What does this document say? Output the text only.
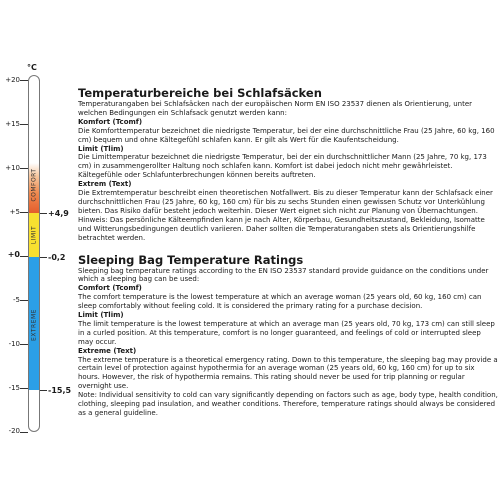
°C
COMFORT
LIMIT
EXTREME
+20
+15
+10
+5
+0
-5
-10
-15
-20
+4,9
-0,2
-15,5
Temperaturbereiche bei Schlafsäcken

Temperaturangaben bei Schlafsäcken nach der europäischen Norm EN ISO 23537 dienen als Orientierung, unter welchen Bedingungen ein Schlafsack genutzt werden kann:

Komfort (Tcomf)

Die Komforttemperatur bezeichnet die niedrigste Temperatur, bei der eine durchschnittliche Frau (25 Jahre, 60 kg, 160 cm) bequem und ohne Kältegefühl schlafen kann. Er gilt als Wert für die Kaufentscheidung.

Limit (Tlim)

Die Limittemperatur bezeichnet die niedrigste Temperatur, bei der ein durchschnittlicher Mann (25 Jahre, 70 kg, 173 cm) in zusammengerollter Haltung noch schlafen kann. Komfort ist dabei jedoch nicht mehr gewährleistet. Kältegefühle oder Schlafunterbrechungen können bereits auftreten.

Extrem (Text)

Die Extremtemperatur beschreibt einen theoretischen Notfallwert. Bis zu dieser Temperatur kann der Schlafsack einer durchschnittlichen Frau (25 Jahre, 60 kg, 160 cm) für bis zu sechs Stunden einen gewissen Schutz vor Unterkühlung bieten. Das Risiko dafür besteht jedoch weiterhin. Dieser Wert eignet sich nicht zur Planung von Übernachtungen.

Hinweis: Das persönliche Kälteempfinden kann je nach Alter, Körperbau, Gesundheitszustand, Bekleidung, Isomatte und Witterungsbedingungen deutlich variieren. Daher sollten die Temperaturangaben stets als Orientierungshilfe betrachtet werden.

Sleeping Bag Temperature Ratings

Sleeping bag temperature ratings according to the EN ISO 23537 standard provide guidance on the conditions under which a sleeping bag can be used:

Comfort (Tcomf)

The comfort temperature is the lowest temperature at which an average woman (25 years old, 60 kg, 160 cm) can sleep comfortably without feeling cold. It is considered the primary rating for a purchase decision.

Limit (Tlim)

The limit temperature is the lowest temperature at which an average man (25 years old, 70 kg, 173 cm) can still sleep in a curled position. At this temperature, comfort is no longer guaranteed, and feelings of cold or interrupted sleep may occur.

Extreme (Text)

The extreme temperature is a theoretical emergency rating. Down to this temperature, the sleeping bag may provide a certain level of protection against hypothermia for an average woman (25 years old, 60 kg, 160 cm) for up to six hours. However, the risk of hypothermia remains. This rating should never be used for trip planning or regular overnight use.

Note: Individual sensitivity to cold can vary significantly depending on factors such as age, body type, health condition, clothing, sleeping pad insulation, and weather conditions. Therefore, temperature ratings should always be considered as a general guideline.
